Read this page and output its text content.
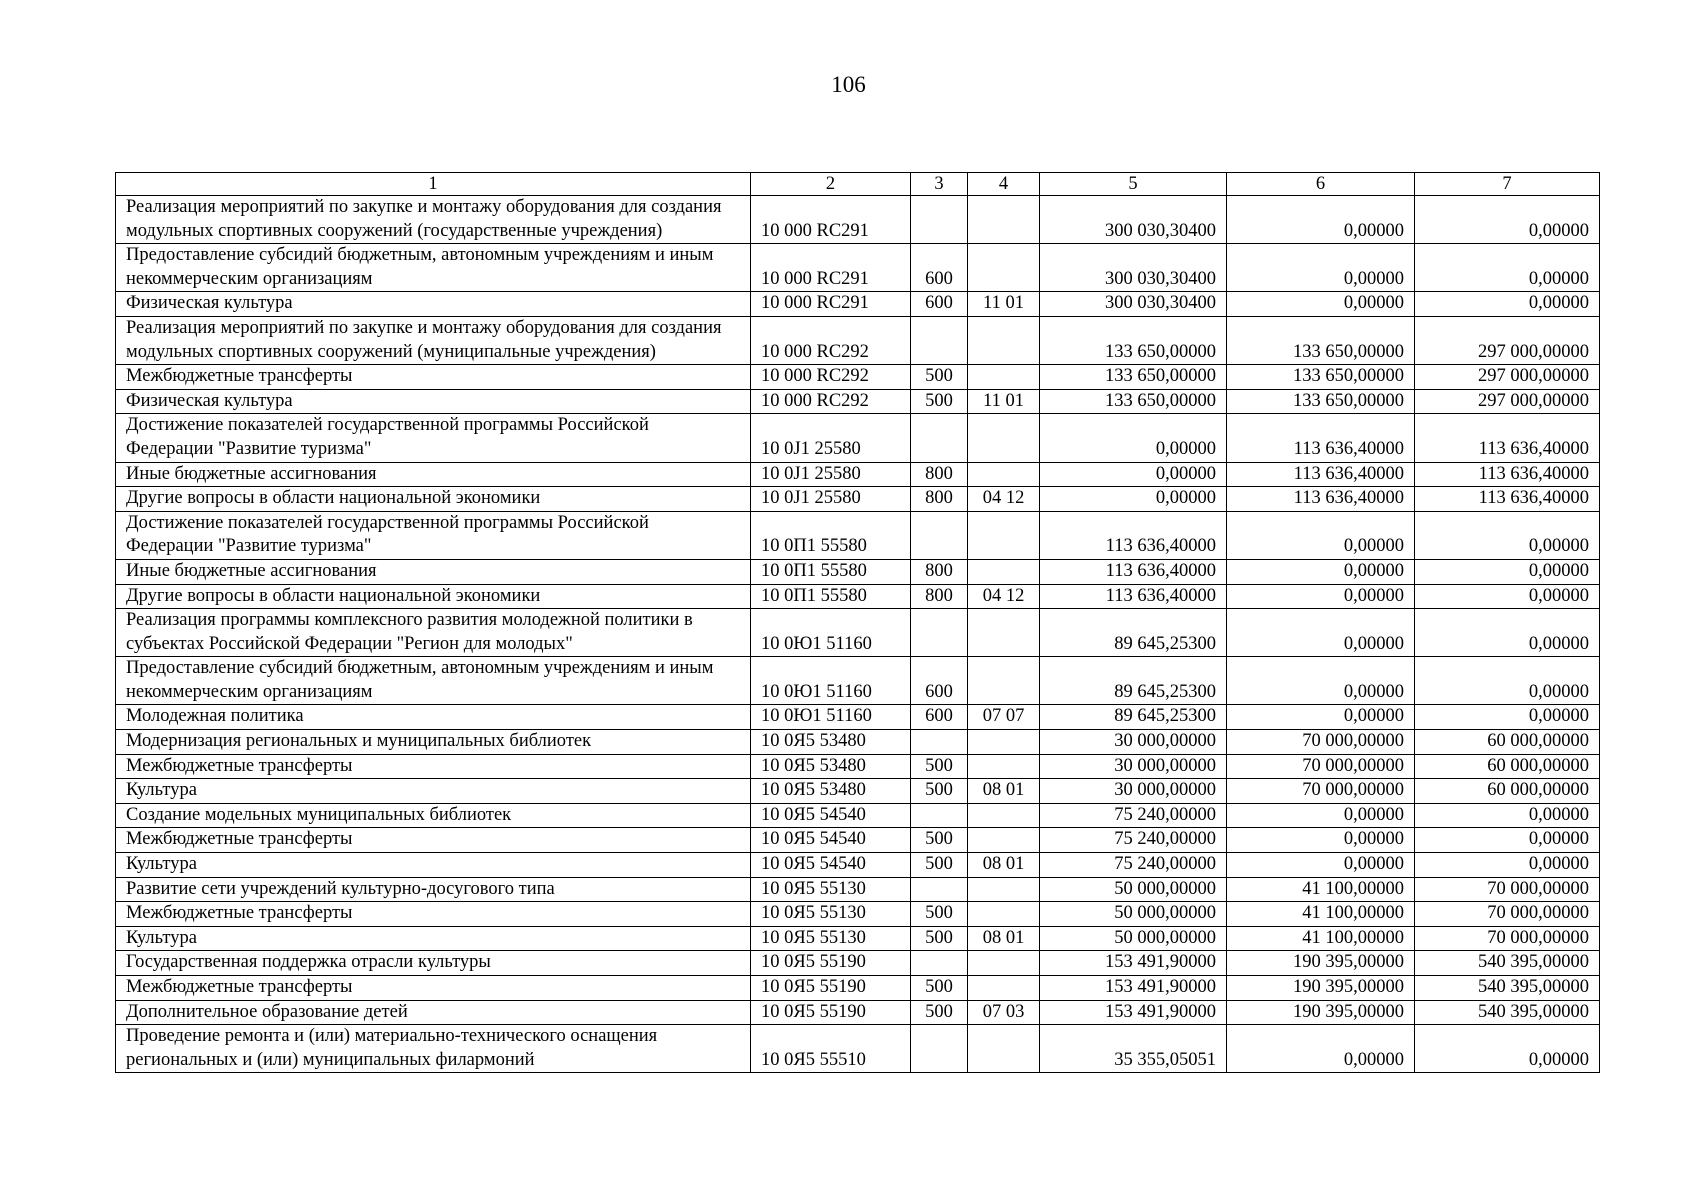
106
1	2	3	4	5	6	7
Реализация мероприятий по закупке и монтажу оборудования для создания модульных спортивных сооружений (государственные учреждения)	10 000 RС291			300 030,30400	0,00000	0,00000
Предоставление субсидий бюджетным, автономным учреждениям и иным некоммерческим организациям	10 000 RС291	600		300 030,30400	0,00000	0,00000
Физическая культура	10 000 RС291	600	11 01	300 030,30400	0,00000	0,00000
Реализация мероприятий по закупке и монтажу оборудования для создания модульных спортивных сооружений (муниципальные учреждения)	10 000 RС292			133 650,00000	133 650,00000	297 000,00000
Межбюджетные трансферты	10 000 RС292	500		133 650,00000	133 650,00000	297 000,00000
Физическая культура	10 000 RС292	500	11 01	133 650,00000	133 650,00000	297 000,00000
Достижение показателей государственной программы Российской Федерации "Развитие туризма"	10 0J1 25580			0,00000	113 636,40000	113 636,40000
Иные бюджетные ассигнования	10 0J1 25580	800		0,00000	113 636,40000	113 636,40000
Другие вопросы в области национальной экономики	10 0J1 25580	800	04 12	0,00000	113 636,40000	113 636,40000
Достижение показателей государственной программы Российской Федерации "Развитие туризма"	10 0П1 55580			113 636,40000	0,00000	0,00000
Иные бюджетные ассигнования	10 0П1 55580	800		113 636,40000	0,00000	0,00000
Другие вопросы в области национальной экономики	10 0П1 55580	800	04 12	113 636,40000	0,00000	0,00000
Реализация программы комплексного развития молодежной политики в субъектах Российской Федерации "Регион для молодых"	10 0Ю1 51160			89 645,25300	0,00000	0,00000
Предоставление субсидий бюджетным, автономным учреждениям и иным некоммерческим организациям	10 0Ю1 51160	600		89 645,25300	0,00000	0,00000
Молодежная политика	10 0Ю1 51160	600	07 07	89 645,25300	0,00000	0,00000
Модернизация региональных и муниципальных библиотек	10 0Я5 53480			30 000,00000	70 000,00000	60 000,00000
Межбюджетные трансферты	10 0Я5 53480	500		30 000,00000	70 000,00000	60 000,00000
Культура	10 0Я5 53480	500	08 01	30 000,00000	70 000,00000	60 000,00000
Создание модельных муниципальных библиотек	10 0Я5 54540			75 240,00000	0,00000	0,00000
Межбюджетные трансферты	10 0Я5 54540	500		75 240,00000	0,00000	0,00000
Культура	10 0Я5 54540	500	08 01	75 240,00000	0,00000	0,00000
Развитие сети учреждений культурно-досугового типа	10 0Я5 55130			50 000,00000	41 100,00000	70 000,00000
Межбюджетные трансферты	10 0Я5 55130	500		50 000,00000	41 100,00000	70 000,00000
Культура	10 0Я5 55130	500	08 01	50 000,00000	41 100,00000	70 000,00000
Государственная поддержка отрасли культуры	10 0Я5 55190			153 491,90000	190 395,00000	540 395,00000
Межбюджетные трансферты	10 0Я5 55190	500		153 491,90000	190 395,00000	540 395,00000
Дополнительное образование детей	10 0Я5 55190	500	07 03	153 491,90000	190 395,00000	540 395,00000
Проведение ремонта и (или) материально-технического оснащения региональных и (или) муниципальных филармоний	10 0Я5 55510			35 355,05051	0,00000	0,00000
